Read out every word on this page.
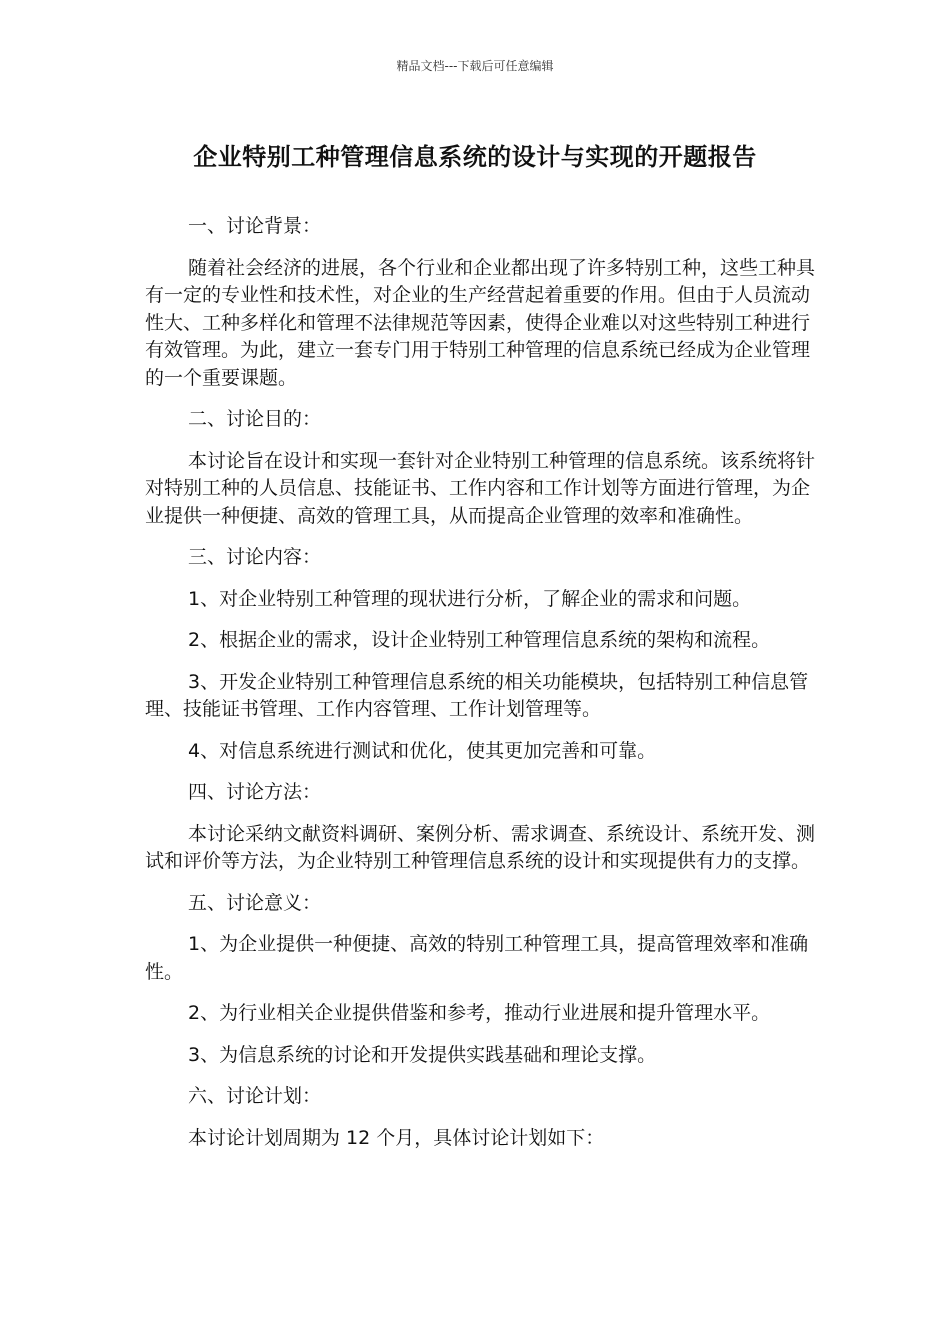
精品文档---下载后可任意编辑
企业特别工种管理信息系统的设计与实现的开题报告

一、讨论背景：

随着社会经济的进展，各个行业和企业都出现了许多特别工种，这些工种具有一定的专业性和技术性，对企业的生产经营起着重要的作用。但由于人员流动性大、工种多样化和管理不法律规范等因素，使得企业难以对这些特别工种进行有效管理。为此，建立一套专门用于特别工种管理的信息系统已经成为企业管理的一个重要课题。

二、讨论目的：

本讨论旨在设计和实现一套针对企业特别工种管理的信息系统。该系统将针对特别工种的人员信息、技能证书、工作内容和工作计划等方面进行管理，为企业提供一种便捷、高效的管理工具，从而提高企业管理的效率和准确性。

三、讨论内容：

1、对企业特别工种管理的现状进行分析，了解企业的需求和问题。

2、根据企业的需求，设计企业特别工种管理信息系统的架构和流程。

3、开发企业特别工种管理信息系统的相关功能模块，包括特别工种信息管理、技能证书管理、工作内容管理、工作计划管理等。

4、对信息系统进行测试和优化，使其更加完善和可靠。

四、讨论方法：

本讨论采纳文献资料调研、案例分析、需求调查、系统设计、系统开发、测试和评价等方法，为企业特别工种管理信息系统的设计和实现提供有力的支撑。

五、讨论意义：

1、为企业提供一种便捷、高效的特别工种管理工具，提高管理效率和准确性。

2、为行业相关企业提供借鉴和参考，推动行业进展和提升管理水平。

3、为信息系统的讨论和开发提供实践基础和理论支撑。

六、讨论计划：

本讨论计划周期为 12 个月，具体讨论计划如下：
